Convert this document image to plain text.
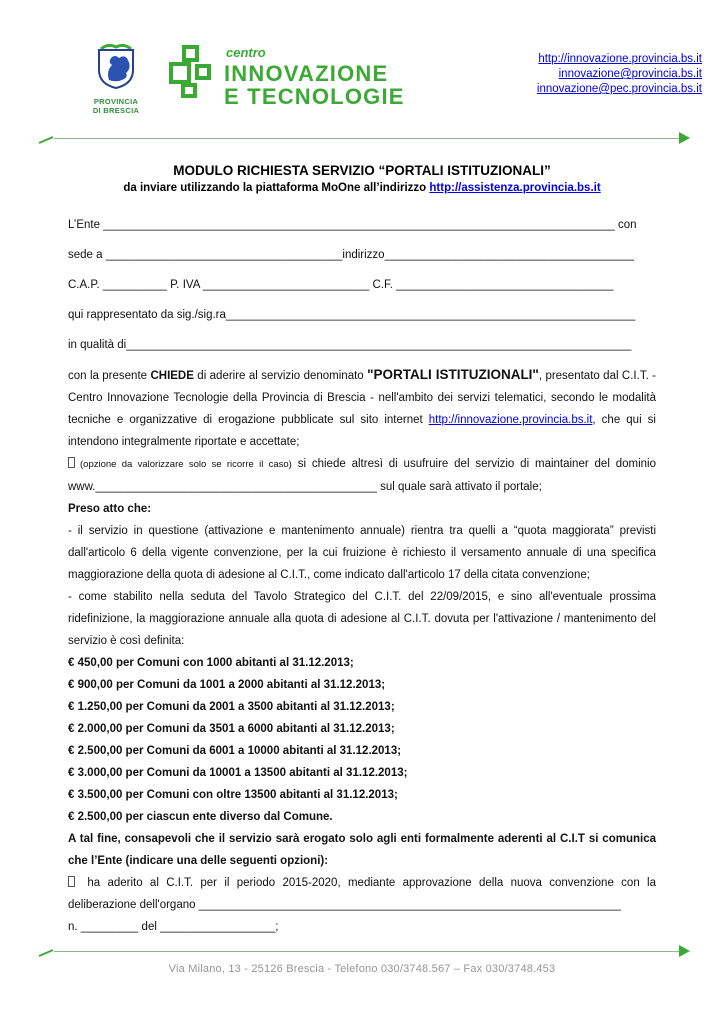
PROVINCIA
DI BRESCIA
centro
INNOVAZIONE
E TECNOLOGIE
http://innovazione.provincia.bs.it
innovazione@provincia.bs.it
innovazione@pec.provincia.bs.it
MODULO RICHIESTA SERVIZIO “PORTALI ISTITUZIONALI”
da inviare utilizzando la piattaforma MoOne all’indirizzo http://assistenza.provincia.bs.it

L’Ente ________________________________________________________________________________ con

sede a _____________________________________indirizzo_______________________________________

C.A.P. __________ P. IVA __________________________ C.F. __________________________________

qui rappresentato da sig./sig.ra________________________________________________________________

in qualità di_______________________________________________________________________________

con la presente CHIEDE di aderire al servizio denominato "PORTALI ISTITUZIONALI", presentato dal C.I.T. - Centro Innovazione Tecnologie della Provincia di Brescia - nell'ambito dei servizi telematici, secondo le modalità tecniche e organizzative di erogazione pubblicate sul sito internet http://innovazione.provincia.bs.it, che qui si intendono integralmente riportate e accettate;

(opzione da valorizzare solo se ricorre il caso) si chiede altresì di usufruire del servizio di maintainer del dominio www.____________________________________________ sul quale sarà attivato il portale;

Preso atto che:

- il servizio in questione (attivazione e mantenimento annuale) rientra tra quelli a “quota maggiorata” previsti dall'articolo 6 della vigente convenzione, per la cui fruizione è richiesto il versamento annuale di una specifica maggiorazione della quota di adesione al C.I.T., come indicato dall'articolo 17 della citata convenzione;

- come stabilito nella seduta del Tavolo Strategico del C.I.T. del 22/09/2015, e sino all'eventuale prossima ridefinizione, la maggiorazione annuale alla quota di adesione al C.I.T. dovuta per l'attivazione / mantenimento del servizio è così definita:

€ 450,00 per Comuni con 1000 abitanti al 31.12.2013;

€ 900,00 per Comuni da 1001 a 2000 abitanti al 31.12.2013;

€ 1.250,00 per Comuni da 2001 a 3500 abitanti al 31.12.2013;

€ 2.000,00 per Comuni da 3501 a 6000 abitanti al 31.12.2013;

€ 2.500,00 per Comuni da 6001 a 10000 abitanti al 31.12.2013;

€ 3.000,00 per Comuni da 10001 a 13500 abitanti al 31.12.2013;

€ 3.500,00 per Comuni con oltre 13500 abitanti al 31.12.2013;

€ 2.500,00 per ciascun ente diverso dal Comune.

A tal fine, consapevoli che il servizio sarà erogato solo agli enti formalmente aderenti al C.I.T si comunica che l’Ente (indicare una delle seguenti opzioni):

ha aderito al C.I.T. per il periodo 2015-2020, mediante approvazione della nuova convenzione con la deliberazione dell'organo __________________________________________________________________

n. _________ del __________________;

Via Milano, 13 - 25126 Brescia - Telefono 030/3748.567 – Fax 030/3748.453
